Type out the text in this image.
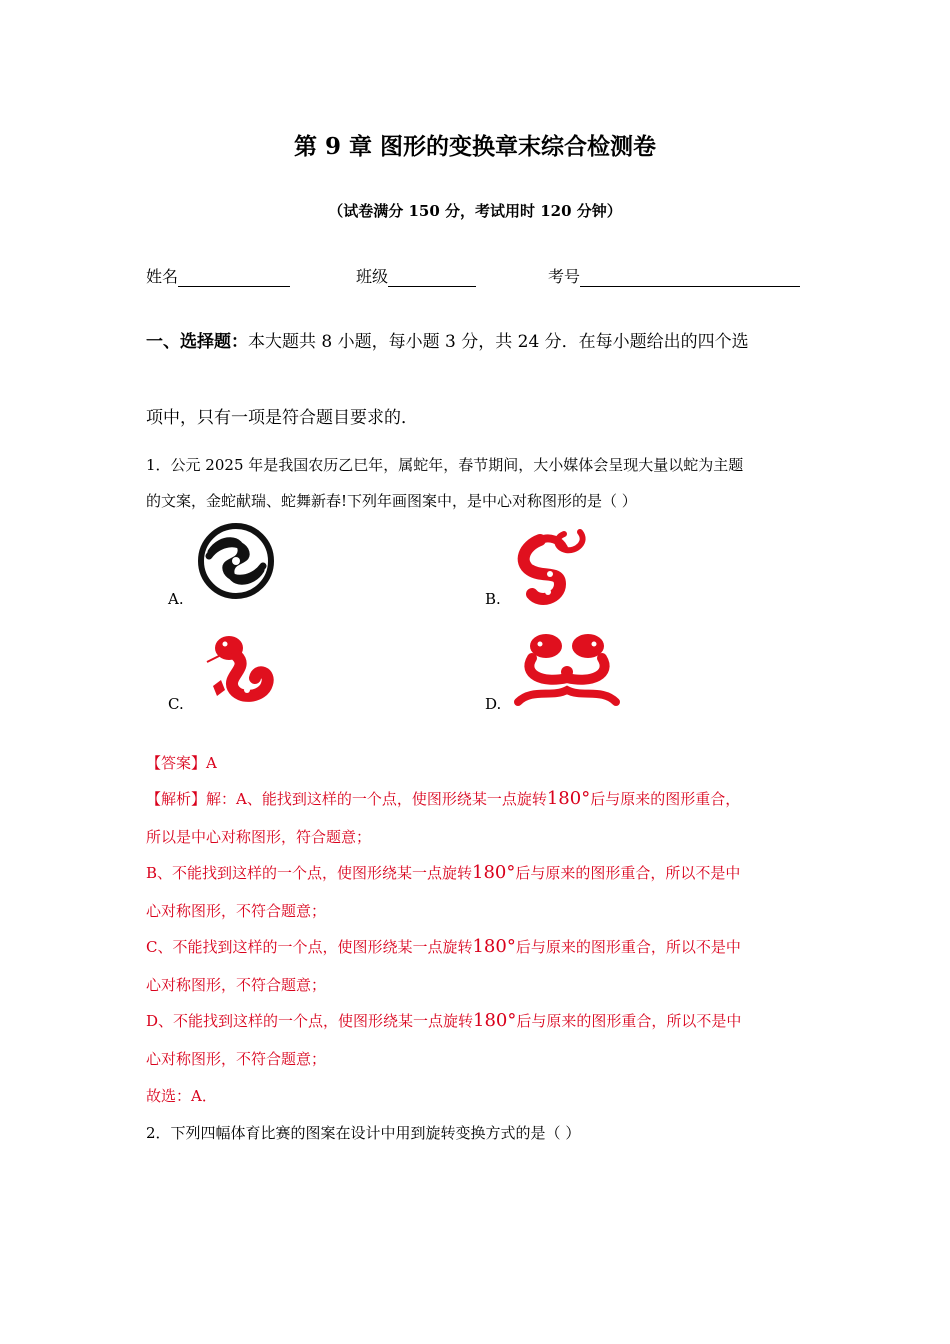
第 9 章 图形的变换章末综合检测卷
（试卷满分 150 分，考试用时 120 分钟）
姓名	班级	考号
一、选择题：本大题共 8 小题，每小题 3 分，共 24 分．在每小题给出的四个选
项中，只有一项是符合题目要求的．
1．公元 2025 年是我国农历乙巳年，属蛇年，春节期间，大小媒体会呈现大量以蛇为主题
的文案，金蛇献瑞、蛇舞新春!下列年画图案中，是中心对称图形的是（ ）
A.	B.
C.	D.
【答案】A
【解析】解：A、能找到这样的一个点，使图形绕某一点旋转180°后与原来的图形重合，
所以是中心对称图形，符合题意；
B、不能找到这样的一个点，使图形绕某一点旋转180°后与原来的图形重合，所以不是中
心对称图形，不符合题意；
C、不能找到这样的一个点，使图形绕某一点旋转180°后与原来的图形重合，所以不是中
心对称图形，不符合题意；
D、不能找到这样的一个点，使图形绕某一点旋转180°后与原来的图形重合，所以不是中
心对称图形，不符合题意；
故选：A．
2．下列四幅体育比赛的图案在设计中用到旋转变换方式的是（ ）
